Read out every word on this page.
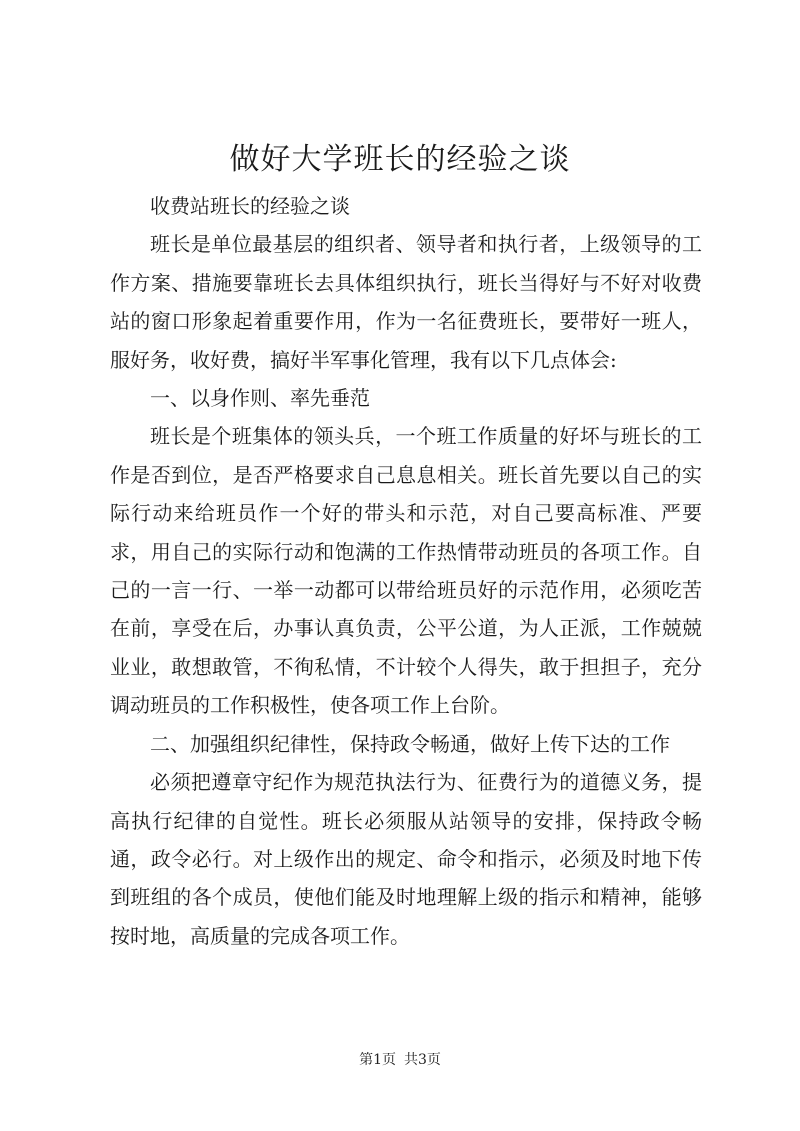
做好大学班长的经验之谈

收费站班长的经验之谈

班长是单位最基层的组织者、领导者和执行者，上级领导的工作方案、措施要靠班长去具体组织执行，班长当得好与不好对收费站的窗口形象起着重要作用，作为一名征费班长，要带好一班人，服好务，收好费，搞好半军事化管理，我有以下几点体会:

一、以身作则、率先垂范

班长是个班集体的领头兵，一个班工作质量的好坏与班长的工作是否到位，是否严格要求自己息息相关。班长首先要以自己的实际行动来给班员作一个好的带头和示范，对自己要高标准、严要求，用自己的实际行动和饱满的工作热情带动班员的各项工作。自己的一言一行、一举一动都可以带给班员好的示范作用，必须吃苦在前，享受在后，办事认真负责，公平公道，为人正派，工作兢兢业业，敢想敢管，不徇私情，不计较个人得失，敢于担担子，充分调动班员的工作积极性，使各项工作上台阶。

二、加强组织纪律性，保持政令畅通，做好上传下达的工作

必须把遵章守纪作为规范执法行为、征费行为的道德义务，提高执行纪律的自觉性。班长必须服从站领导的安排，保持政令畅通，政令必行。对上级作出的规定、命令和指示，必须及时地下传到班组的各个成员，使他们能及时地理解上级的指示和精神，能够按时地，高质量的完成各项工作。

第1页 共3页
